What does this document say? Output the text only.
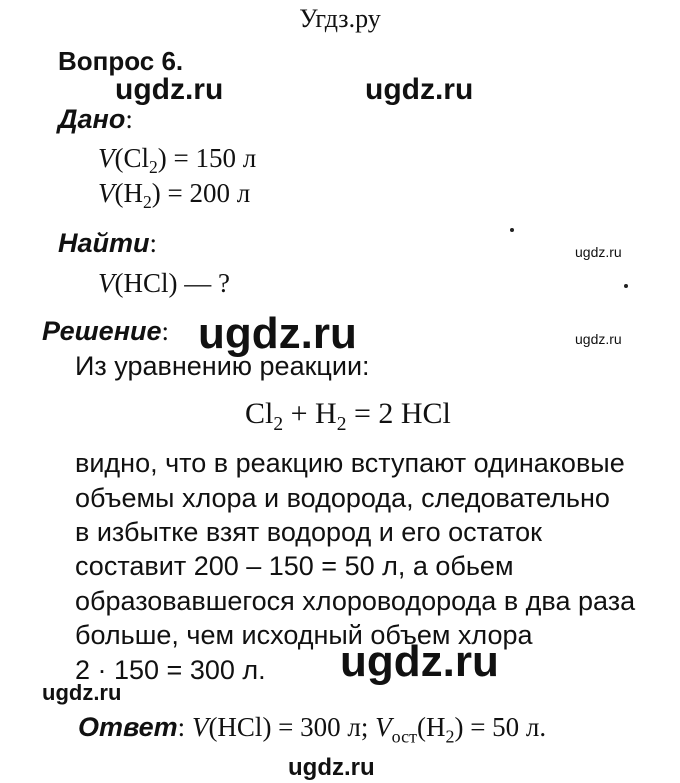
Угдз.ру
Вопрос 6.
ugdz.ru	ugdz.ru
Дано:
$V(Cl_2) = 150$ л
$V(H_2) = 200$ л
Найти:	ugdz.ru
V(HCl) — ?
Решение: ugdz.ru	ugdz.ru
Из уравнению реакции:
$Cl_2 + H_2 = 2$ HCl
видно, что в реакцию вступают одинаковые
объемы хлора и водорода, следовательно
в избытке взят водород и его остаток
составит 200 – 150 = 50 л, а обьем
образовавшегося хлороводорода в два раза
больше, чем исходный объем хлора
2 · 150 = 300 л. ugdz.ru
ugdz.ru
Ответ: V(HCl) = 300 л; $V_{ост}(H_2) = 50$ л.
ugdz.ru
